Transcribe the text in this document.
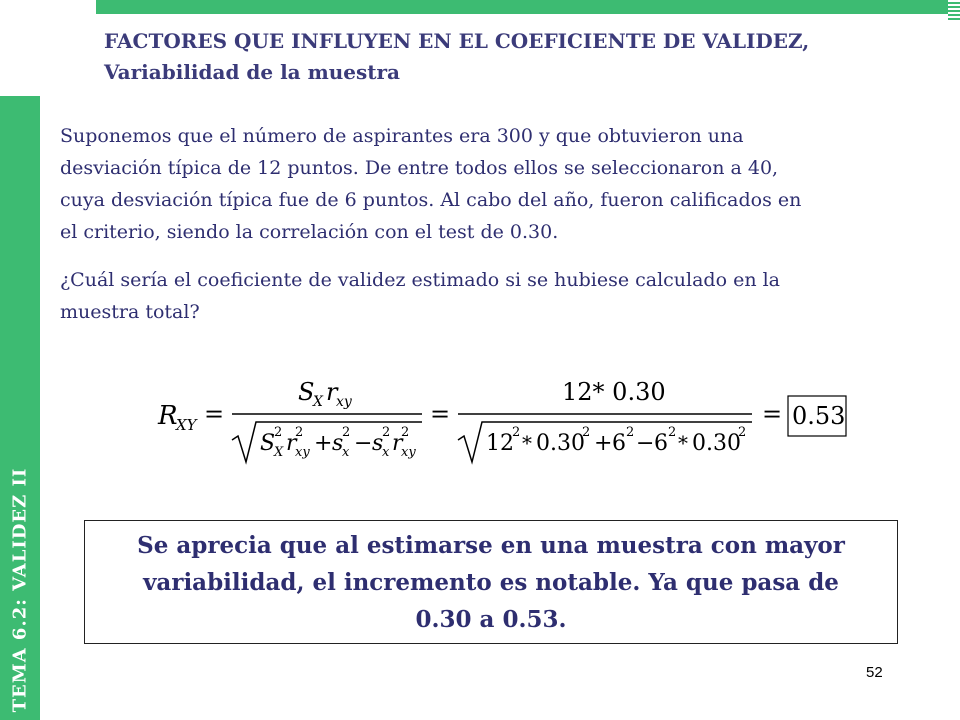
TEMA 6.2: VALIDEZ II
FACTORES QUE INFLUYEN EN EL COEFICIENTE DE VALIDEZ,
Variabilidad de la muestra
Suponemos que el número de aspirantes era 300 y que obtuvieron una
desviación típica de 12 puntos. De entre todos ellos se seleccionaron a 40,
cuya desviación típica fue de 6 puntos. Al cabo del año, fueron calificados en
el criterio, siendo la correlación con el test de 0.30.
¿Cuál sería el coeficiente de validez estimado si se hubiese calculado en la
muestra total?
R
XY =
S
X r
xy
S
2
X r
2
xy + s
2
x − s
2
x r
2
xy
=
12* 0.30
12
2 * 0.30
2 + 6 2 − 6 2 * 0.30
2
= 0.53
Se aprecia que al estimarse en una muestra con mayor
variabilidad, el incremento es notable. Ya que pasa de
0.30 a 0.53.
52
